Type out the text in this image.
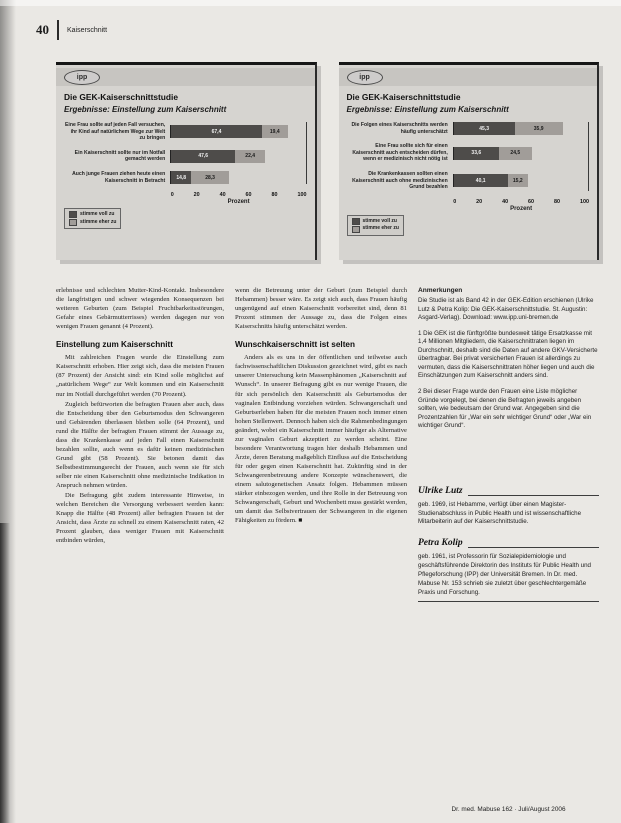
40	Kaiserschnitt
ipp
Die GEK-Kaiserschnittstudie
Ergebnisse: Einstellung zum Kaiserschnitt
Eine Frau sollte auf jeden Fall versuchen, ihr Kind auf natürlichem Wege zur Welt zu bringen
67,4	19,4
Ein Kaiserschnitt sollte nur im Notfall gemacht werden	47,6	22,4
Auch junge Frauen ziehen heute einen Kaiserschnitt in Betracht	14,8	28,3
0	20	40	60	80	100
Prozent
stimme voll zu
stimme eher zu
ipp
Die GEK-Kaiserschnittstudie
Ergebnisse: Einstellung zum Kaiserschnitt
Die Folgen eines Kaiserschnitts werden häufig unterschätzt	45,3	35,9
Eine Frau sollte sich für einen Kaiserschnitt auch entscheiden dürfen, wenn er medizinisch nicht nötig ist
33,6	24,5
Die Krankenkassen sollten einen Kaiserschnitt auch ohne medizinischen Grund bezahlen
40,1	15,2
0	20	40	60	80	100
Prozent
stimme voll zu
stimme eher zu

erlebnisse und schlechten Mutter-Kind-Kontakt. Insbesondere die langfristigen und schwer wiegenden Konsequenzen bei weiteren Geburten (zum Beispiel Fruchtbarkeitsstörungen, Gefahr eines Gebärmutterrisses) werden dagegen nur von wenigen Frauen genannt (4 Prozent).

Einstellung zum Kaiserschnitt

Mit zahlreichen Fragen wurde die Einstellung zum Kaiserschnitt erhoben. Hier zeigt sich, dass die meisten Frauen (87 Prozent) der Ansicht sind: ein Kind solle möglichst auf „natürlichem Wege“ zur Welt kommen und ein Kaiserschnitt nur im Notfall durchgeführt werden (70 Prozent).

Zugleich befürworten die befragten Frauen aber auch, dass die Entscheidung über den Geburtsmodus den Schwangeren und Gebärenden überlassen bleiben solle (64 Prozent), und rund die Hälfte der befragten Frauen stimmt der Aussage zu, dass die Krankenkasse auf jeden Fall einen Kaiserschnitt bezahlen sollte, auch wenn es dafür keinen medizinischen Grund gibt (58 Prozent). Sie betonen damit das Selbstbestimmungsrecht der Frauen, auch wenn sie für sich selber nie einen Kaiserschnitt ohne medizinische Indikation in Anspruch nehmen würden.

Die Befragung gibt zudem interessante Hinweise, in welchen Bereichen die Versorgung verbessert werden kann: Knapp die Hälfte (48 Prozent) aller befragten Frauen ist der Ansicht, dass Ärzte zu schnell zu einem Kaiserschnitt raten, 42 Prozent glauben, dass weniger Frauen mit Kaiserschnitt entbinden würden,

wenn die Betreuung unter der Geburt (zum Beispiel durch Hebammen) besser wäre. Es zeigt sich auch, dass Frauen häufig ungenügend auf einen Kaiserschnitt vorbereitet sind, denn 81 Prozent stimmen der Aussage zu, dass die Folgen eines Kaiserschnitts häufig unterschätzt werden.

Wunschkaiserschnitt ist selten

Anders als es uns in der öffentlichen und teilweise auch fachwissenschaftlichen Diskussion gezeichnet wird, gibt es nach unserer Untersuchung kein Massenphänomen „Kaiserschnitt auf Wunsch“. In unserer Befragung gibt es nur wenige Frauen, die für sich persönlich den Kaiserschnitt als Geburtsmodus der vaginalen Entbindung vorziehen würden. Schwangerschaft und Geburtserleben haben für die meisten Frauen noch immer einen hohen Stellenwert. Dennoch haben sich die Rahmenbedingungen geändert, wobei ein Kaiserschnitt immer häufiger als Alternative zur vaginalen Geburt akzeptiert zu werden scheint. Eine besondere Verantwortung tragen hier deshalb Hebammen und Ärzte, deren Beratung maßgeblich Einfluss auf die Entscheidung für oder gegen einen Kaiserschnitt hat. Zukünftig sind in der Schwangerenbetreuung andere Konzepte wünschenswert, die einem salutogenetischen Ansatz folgen. Hebammen müssen stärker einbezogen werden, und ihre Rolle in der Betreuung von Schwangerschaft, Geburt und Wochenbett muss gestärkt werden, um damit das Selbstvertrauen der Schwangeren in die eigenen Fähigkeiten zu fördern. ■

Anmerkungen

Die Studie ist als Band 42 in der GEK-Edition erschienen (Ulrike Lutz & Petra Kolip: Die GEK-Kaiserschnittstudie. St. Augustin: Asgard-Verlag). Download: www.ipp.uni-bremen.de

1 Die GEK ist die fünftgrößte bundesweit tätige Ersatzkasse mit 1,4 Millionen Mitgliedern, die Kaiserschnittraten liegen im Durchschnitt, deshalb sind die Daten auf andere GKV-Versicherte übertragbar. Bei privat versicherten Frauen ist allerdings zu vermuten, dass die Kaiserschnittraten höher liegen und auch die Einschätzungen zum Kaiserschnitt anders sind.

2 Bei dieser Frage wurde den Frauen eine Liste möglicher Gründe vorgelegt, bei denen die Befragten jeweils angeben sollten, wie bedeutsam der Grund war. Angegeben sind die Prozentzahlen für „War ein sehr wichtiger Grund“ oder „War ein wichtiger Grund“.

Ulrike Lutz
geb. 1969, ist Hebamme, verfügt über einen Magister-Studienabschluss in Public Health und ist wissenschaftliche Mitarbeiterin auf der Kaiserschnittstudie.
Petra Kolip
geb. 1961, ist Professorin für Sozialepidemiologie und geschäftsführende Direktorin des Instituts für Public Health und Pflegeforschung (IPP) der Universität Bremen. In Dr. med. Mabuse Nr. 153 schrieb sie zuletzt über geschlechtergemäße Praxis und Forschung.
Dr. med. Mabuse 162 · Juli/August 2006
